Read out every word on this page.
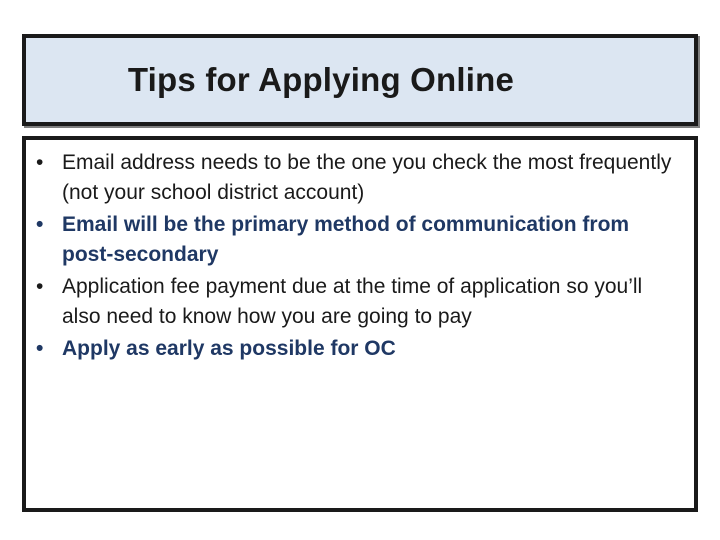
Tips for Applying Online
• Email address needs to be the one you check the most frequently (not your school district account)
• Email will be the primary method of communication from post-secondary
• Application fee payment due at the time of application so you’ll also need to know how you are going to pay
• Apply as early as possible for OC
